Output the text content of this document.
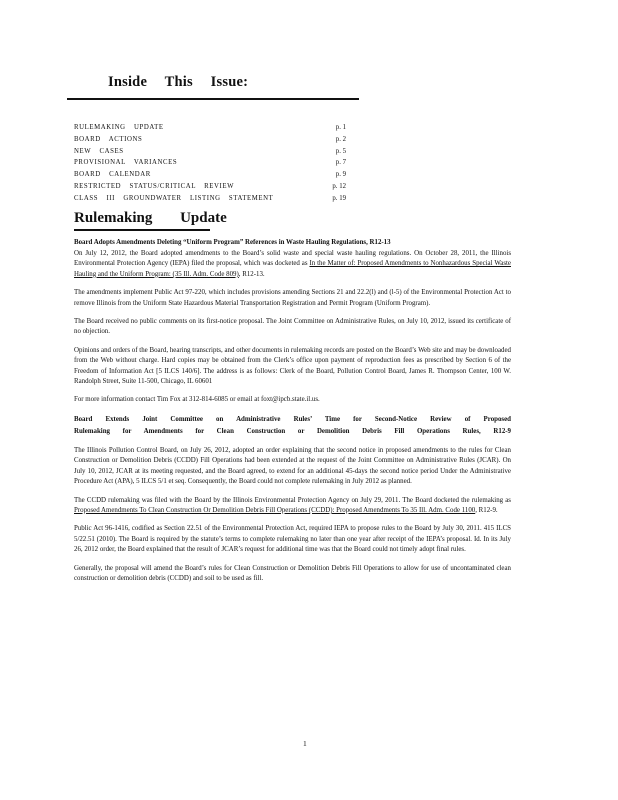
Inside This Issue:
RULEMAKING UPDATE	p. 1
BOARD ACTIONS	p. 2
NEW CASES	p. 5
PROVISIONAL VARIANCES	p. 7
BOARD CALENDAR	p. 9
RESTRICTED STATUS/CRITICAL REVIEW	p. 12
CLASS III GROUNDWATER LISTING STATEMENT	p. 19
Rulemaking Update

Board Adopts Amendments Deleting “Uniform Program” References in Waste Hauling Regulations, R12-13

On July 12, 2012, the Board adopted amendments to the Board’s solid waste and special waste hauling regulations. On October 28, 2011, the Illinois Environmental Protection Agency (IEPA) filed the proposal, which was docketed as In the Matter of: Proposed Amendments to Nonhazardous Special Waste Hauling and the Uniform Program: (35 Ill. Adm. Code 809), R12-13.

The amendments implement Public Act 97-220, which includes provisions amending Sections 21 and 22.2(l) and (l-5) of the Environmental Protection Act to remove Illinois from the Uniform State Hazardous Material Transportation Registration and Permit Program (Uniform Program).

The Board received no public comments on its first-notice proposal. The Joint Committee on Administrative Rules, on July 10, 2012, issued its certificate of no objection.

Opinions and orders of the Board, hearing transcripts, and other documents in rulemaking records are posted on the Board’s Web site and may be downloaded from the Web without charge. Hard copies may be obtained from the Clerk’s office upon payment of reproduction fees as prescribed by Section 6 of the Freedom of Information Act [5 ILCS 140/6]. The address is as follows: Clerk of the Board, Pollution Control Board, James R. Thompson Center, 100 W. Randolph Street, Suite 11-500, Chicago, IL 60601

For more information contact Tim Fox at 312-814-6085 or email at foxt@ipcb.state.il.us.

Board Extends Joint Committee on Administrative Rules’ Time for Second-Notice Review of Proposed

Rulemaking for Amendments for Clean Construction or Demolition Debris Fill Operations Rules, R12-9

The Illinois Pollution Control Board, on July 26, 2012, adopted an order explaining that the second notice in proposed amendments to the rules for Clean Construction or Demolition Debris (CCDD) Fill Operations had been extended at the request of the Joint Committee on Administrative Rules (JCAR). On July 10, 2012, JCAR at its meeting requested, and the Board agreed, to extend for an additional 45-days the second notice period Under the Administrative Procedure Act (APA), 5 ILCS 5/1 et seq. Consequently, the Board could not complete rulemaking in July 2012 as planned.

The CCDD rulemaking was filed with the Board by the Illinois Environmental Protection Agency on July 29, 2011. The Board docketed the rulemaking as Proposed Amendments To Clean Construction Or Demolition Debris Fill Operations (CCDD): Proposed Amendments To 35 Ill. Adm. Code 1100, R12-9.

Public Act 96-1416, codified as Section 22.51 of the Environmental Protection Act, required IEPA to propose rules to the Board by July 30, 2011. 415 ILCS 5/22.51 (2010). The Board is required by the statute’s terms to complete rulemaking no later than one year after receipt of the IEPA’s proposal. Id. In its July 26, 2012 order, the Board explained that the result of JCAR’s request for additional time was that the Board could not timely adopt final rules.

Generally, the proposal will amend the Board’s rules for Clean Construction or Demolition Debris Fill Operations to allow for use of uncontaminated clean construction or demolition debris (CCDD) and soil to be used as fill.

1
